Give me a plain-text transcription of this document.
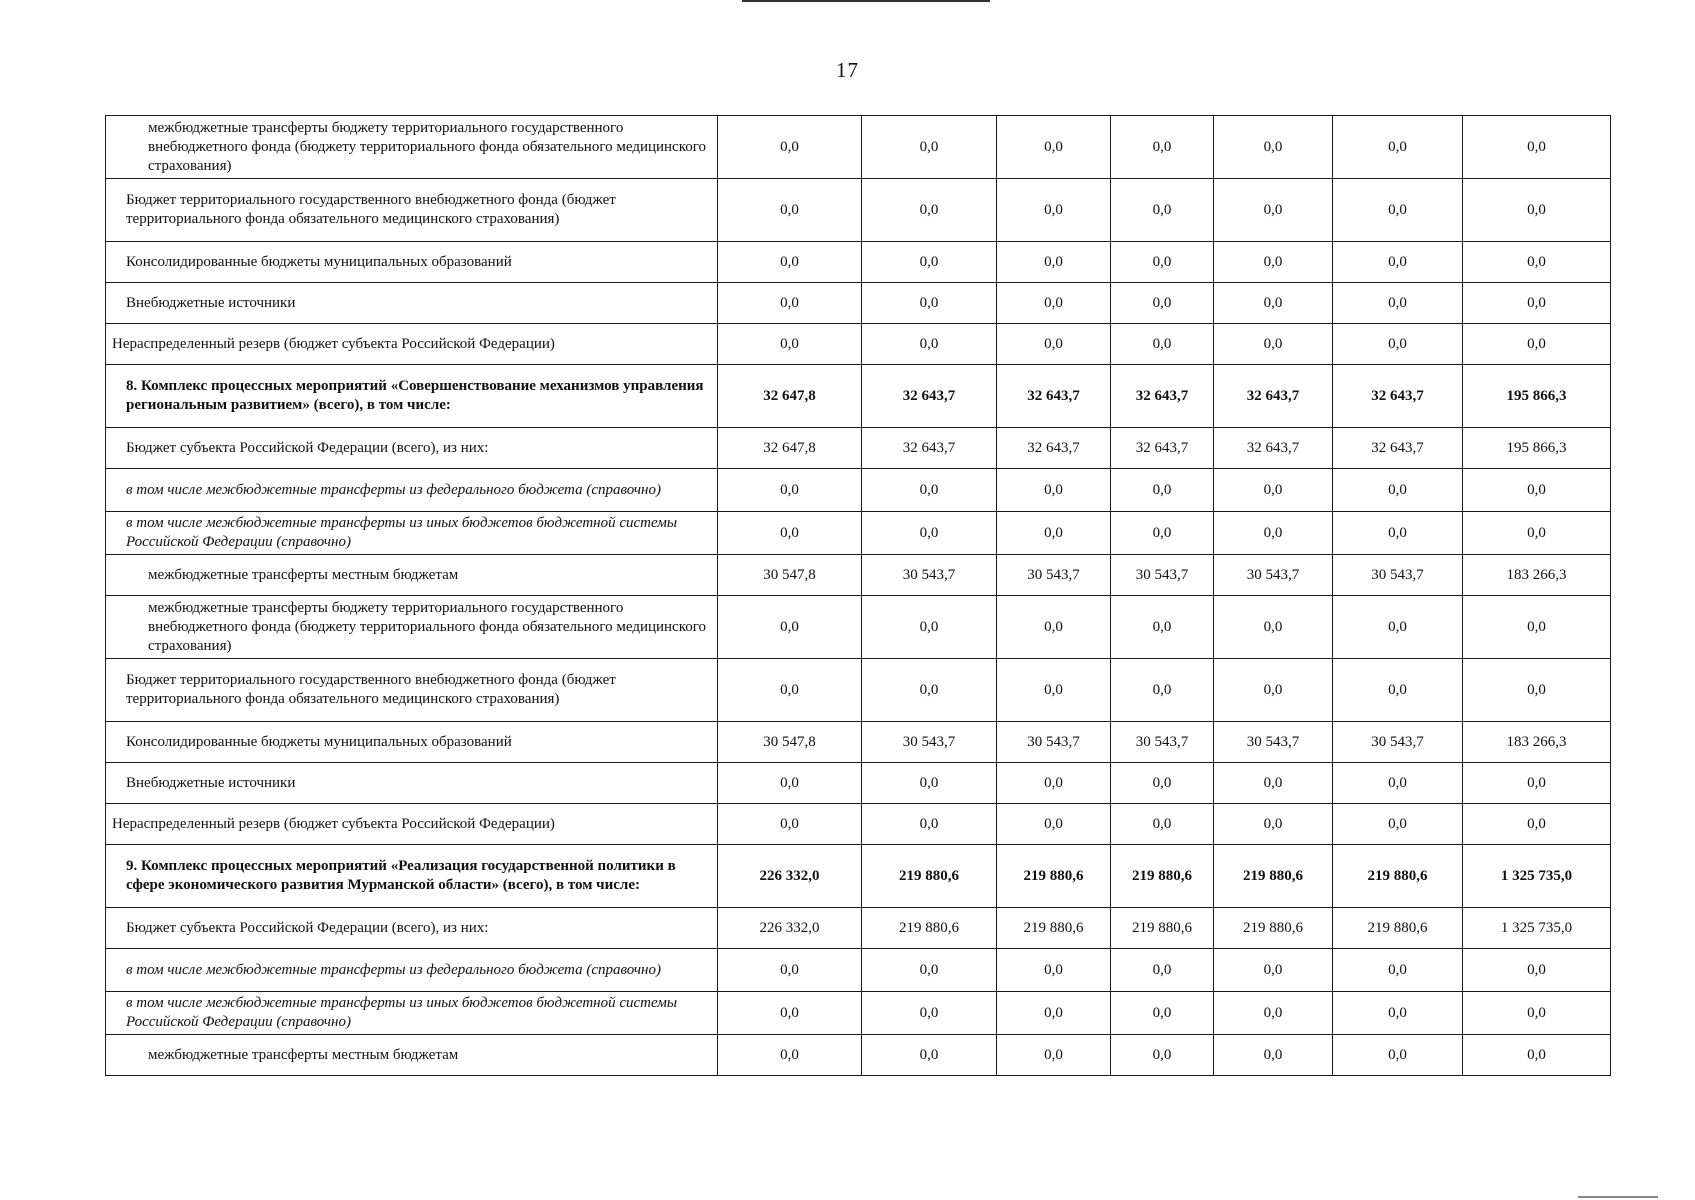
17
межбюджетные трансферты бюджету территориального государственного внебюджетного фонда (бюджету территориального фонда обязательного медицинского страхования)	0,0	0,0	0,0	0,0	0,0	0,0	0,0
Бюджет территориального государственного внебюджетного фонда (бюджет территориального фонда обязательного медицинского страхования)	0,0	0,0	0,0	0,0	0,0	0,0	0,0
Консолидированные бюджеты муниципальных образований	0,0	0,0	0,0	0,0	0,0	0,0	0,0
Внебюджетные источники	0,0	0,0	0,0	0,0	0,0	0,0	0,0
Нераспределенный резерв (бюджет субъекта Российской Федерации)	0,0	0,0	0,0	0,0	0,0	0,0	0,0
8. Комплекс процессных мероприятий «Совершенствование механизмов управления региональным развитием» (всего), в том числе:	32 647,8	32 643,7	32 643,7	32 643,7	32 643,7	32 643,7	195 866,3
Бюджет субъекта Российской Федерации (всего), из них:	32 647,8	32 643,7	32 643,7	32 643,7	32 643,7	32 643,7	195 866,3
в том числе межбюджетные трансферты из федерального бюджета (справочно)	0,0	0,0	0,0	0,0	0,0	0,0	0,0
в том числе межбюджетные трансферты из иных бюджетов бюджетной системы Российской Федерации (справочно)	0,0	0,0	0,0	0,0	0,0	0,0	0,0
межбюджетные трансферты местным бюджетам	30 547,8	30 543,7	30 543,7	30 543,7	30 543,7	30 543,7	183 266,3
межбюджетные трансферты бюджету территориального государственного внебюджетного фонда (бюджету территориального фонда обязательного медицинского страхования)	0,0	0,0	0,0	0,0	0,0	0,0	0,0
Бюджет территориального государственного внебюджетного фонда (бюджет территориального фонда обязательного медицинского страхования)	0,0	0,0	0,0	0,0	0,0	0,0	0,0
Консолидированные бюджеты муниципальных образований	30 547,8	30 543,7	30 543,7	30 543,7	30 543,7	30 543,7	183 266,3
Внебюджетные источники	0,0	0,0	0,0	0,0	0,0	0,0	0,0
Нераспределенный резерв (бюджет субъекта Российской Федерации)	0,0	0,0	0,0	0,0	0,0	0,0	0,0
9. Комплекс процессных мероприятий «Реализация государственной политики в сфере экономического развития Мурманской области» (всего), в том числе:	226 332,0	219 880,6	219 880,6	219 880,6	219 880,6	219 880,6	1 325 735,0
Бюджет субъекта Российской Федерации (всего), из них:	226 332,0	219 880,6	219 880,6	219 880,6	219 880,6	219 880,6	1 325 735,0
в том числе межбюджетные трансферты из федерального бюджета (справочно)	0,0	0,0	0,0	0,0	0,0	0,0	0,0
в том числе межбюджетные трансферты из иных бюджетов бюджетной системы Российской Федерации (справочно)	0,0	0,0	0,0	0,0	0,0	0,0	0,0
межбюджетные трансферты местным бюджетам	0,0	0,0	0,0	0,0	0,0	0,0	0,0
